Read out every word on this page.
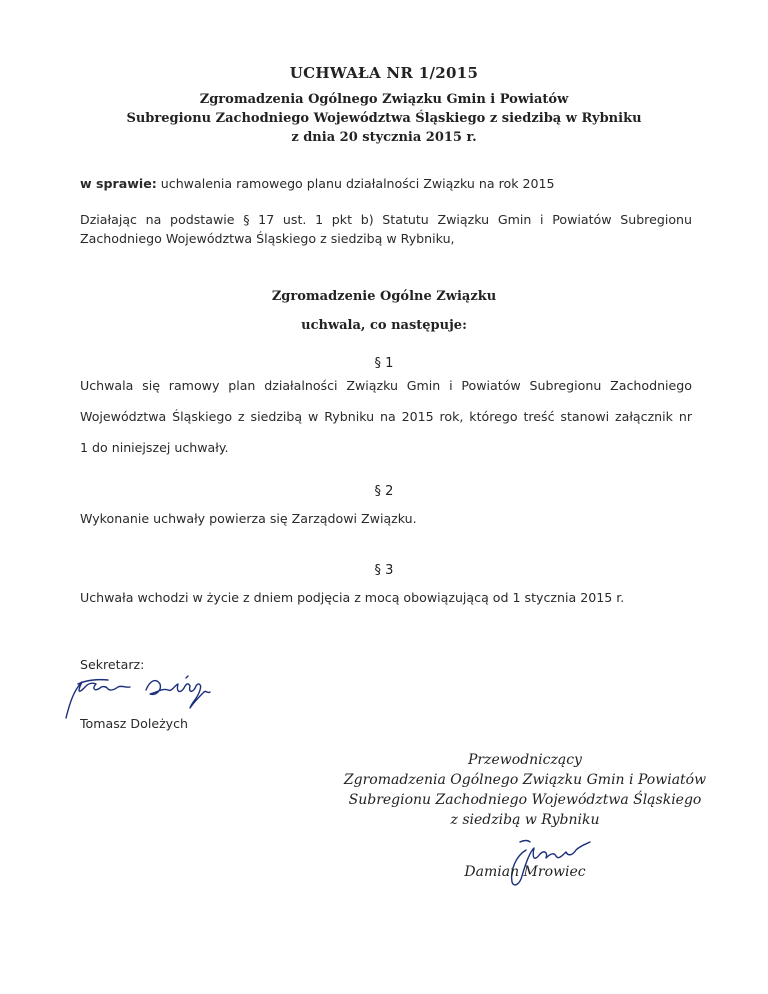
UCHWAŁA NR 1/2015
Zgromadzenia Ogólnego Związku Gmin i Powiatów
Subregionu Zachodniego Województwa Śląskiego z siedzibą w Rybniku
z dnia 20 stycznia 2015 r.
w sprawie: uchwalenia ramowego planu działalności Związku na rok 2015
Działając na podstawie § 17 ust. 1 pkt b) Statutu Związku Gmin i Powiatów Subregionu
Zachodniego Województwa Śląskiego z siedzibą w Rybniku,
Zgromadzenie Ogólne Związku
uchwala, co następuje:
§ 1
Uchwala się ramowy plan działalności Związku Gmin i Powiatów Subregionu Zachodniego
Województwa Śląskiego z siedzibą w Rybniku na 2015 rok, którego treść stanowi załącznik nr
1 do niniejszej uchwały.
§ 2
Wykonanie uchwały powierza się Zarządowi Związku.
§ 3
Uchwała wchodzi w życie z dniem podjęcia z mocą obowiązującą od 1 stycznia 2015 r.
Sekretarz:
Tomasz Doleżych
Przewodniczący
Zgromadzenia Ogólnego Związku Gmin i Powiatów
Subregionu Zachodniego Województwa Śląskiego
z siedzibą w Rybniku
Damian Mrowiec
